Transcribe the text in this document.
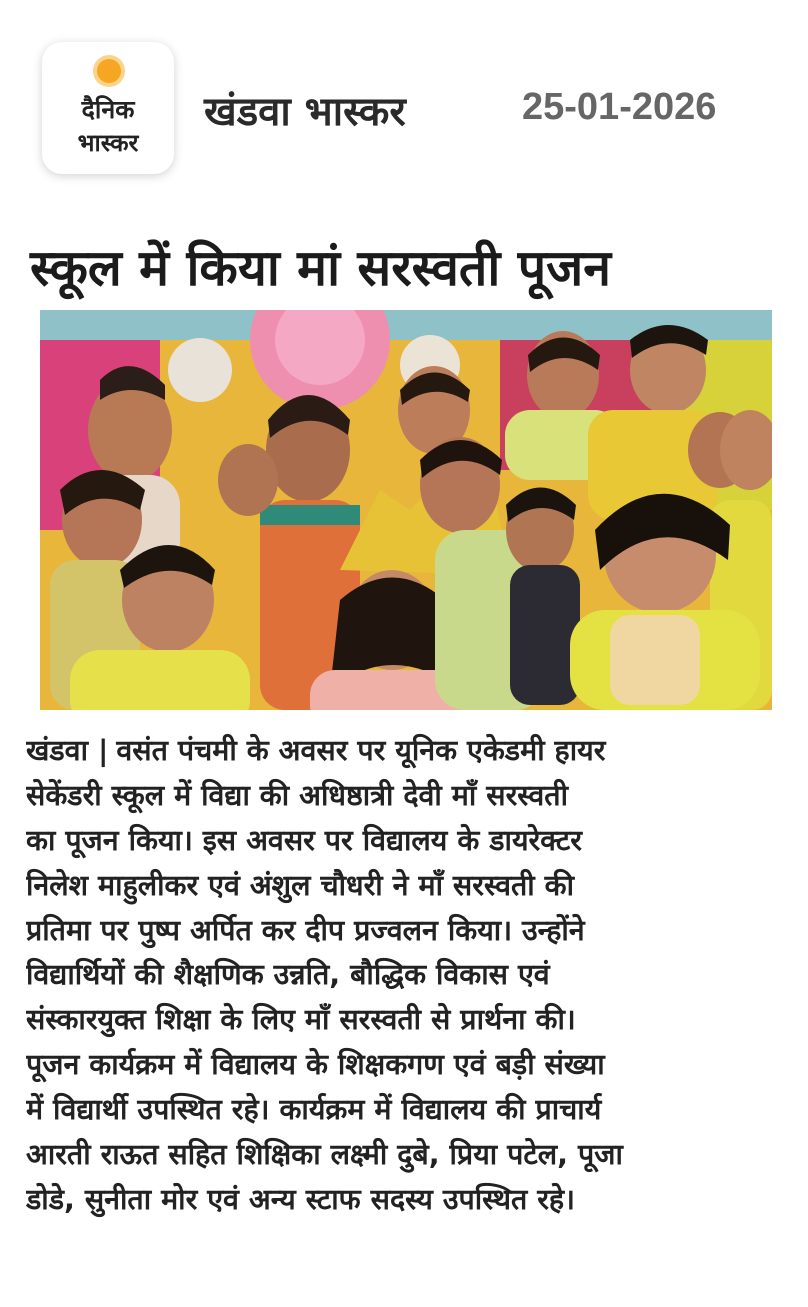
दैनिक
भास्कर
खंडवा भास्कर	25-01-2026
स्कूल में किया मां सरस्वती पूजन
खंडवा | वसंत पंचमी के अवसर पर यूनिक एकेडमी हायर
सेकेंडरी स्कूल में विद्या की अधिष्ठात्री देवी माँ सरस्वती
का पूजन किया। इस अवसर पर विद्यालय के डायरेक्टर
निलेश माहुलीकर एवं अंशुल चौधरी ने माँ सरस्वती की
प्रतिमा पर पुष्प अर्पित कर दीप प्रज्वलन किया। उन्होंने
विद्यार्थियों की शैक्षणिक उन्नति, बौद्धिक विकास एवं
संस्कारयुक्त शिक्षा के लिए माँ सरस्वती से प्रार्थना की।
पूजन कार्यक्रम में विद्यालय के शिक्षकगण एवं बड़ी संख्या
में विद्यार्थी उपस्थित रहे। कार्यक्रम में विद्यालय की प्राचार्य
आरती राऊत सहित शिक्षिका लक्ष्मी दुबे, प्रिया पटेल, पूजा
डोडे, सुनीता मोर एवं अन्य स्टाफ सदस्य उपस्थित रहे।
